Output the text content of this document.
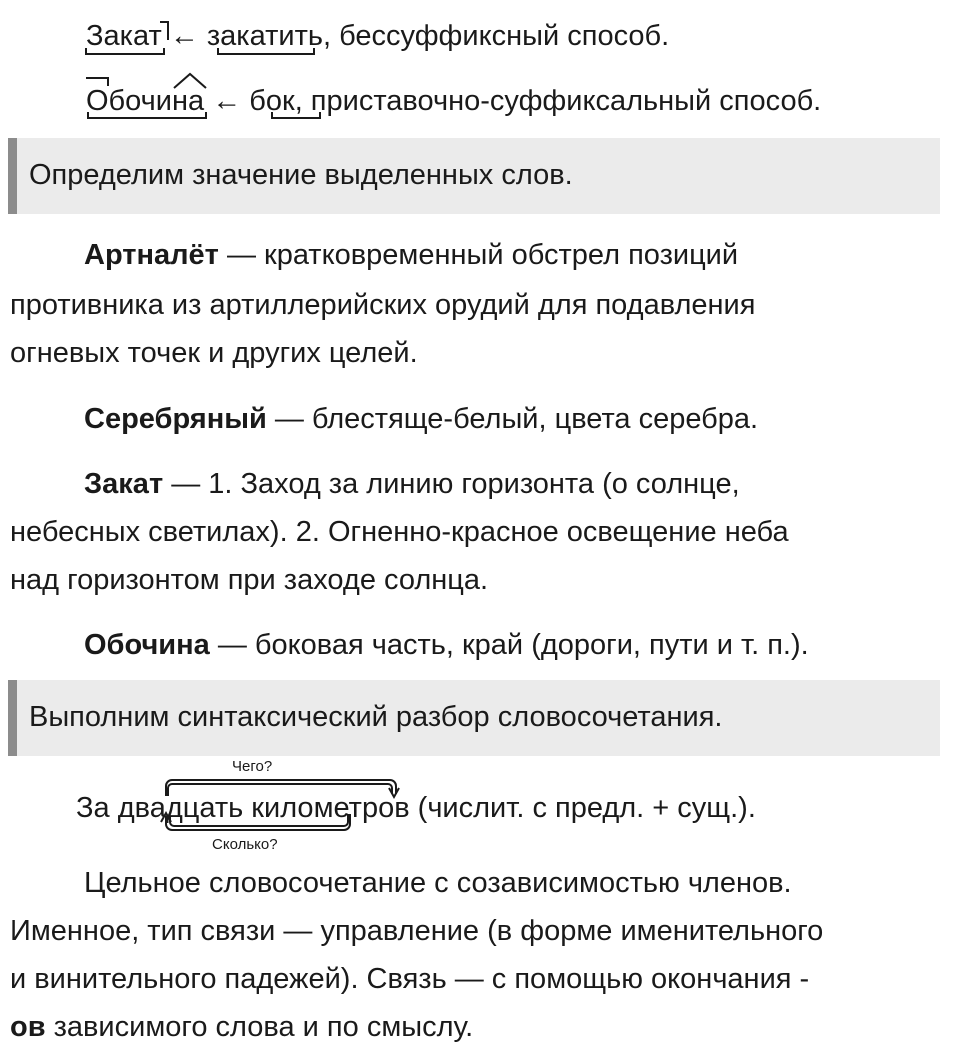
Закат ← закатить, бессуффиксный способ.
Обочина ← бок, приставочно-суффиксальный способ.
Определим значение выделенных слов.
Артналёт — кратковременный обстрел позиций
противника из артиллерийских орудий для подавления
огневых точек и других целей.
Серебряный — блестяще-белый, цвета серебра.
Закат — 1. Заход за линию горизонта (о солнце,
небесных светилах). 2. Огненно-красное освещение неба
над горизонтом при заходе солнца.
Обочина — боковая часть, край (дороги, пути и т. п.).
Выполним синтаксический разбор словосочетания.
Чего?
За двадцать километров (числит. с предл. + сущ.).
Сколько?
Цельное словосочетание с созависимостью членов.
Именное, тип связи — управление (в форме именительного
и винительного падежей). Связь — с помощью окончания -
ов зависимого слова и по смыслу.
